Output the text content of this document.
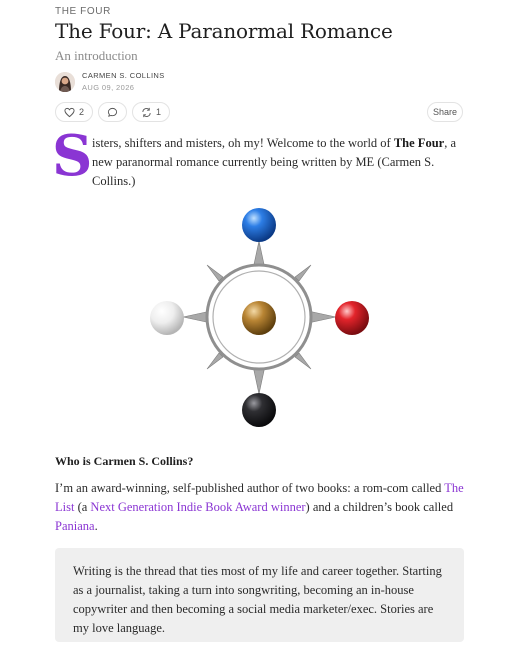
THE FOUR
The Four: A Paranormal Romance
An introduction
CARMEN S. COLLINS
AUG 09, 2026
2	1	Share
S isters, shifters and misters, oh my! Welcome to the world of The Four, a new paranormal romance currently being written by ME (Carmen S. Collins.)
Who is Carmen S. Collins?
I’m an award-winning, self-published author of two books: a rom-com called The List (a Next Generation Indie Book Award winner) and a children’s book called Paniana.
Writing is the thread that ties most of my life and career together. Starting as a journalist, taking a turn into songwriting, becoming an in-house copywriter and then becoming a social media marketer/exec. Stories are my love language.
